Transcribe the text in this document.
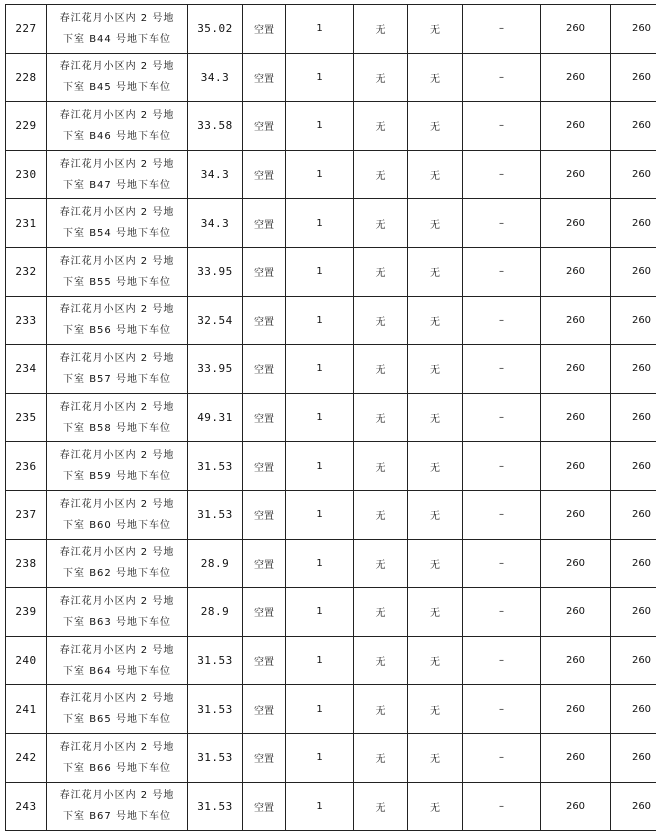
227	春江花月小区内 2 号地
下室 B44 号地下车位	35.02	空置	1	无	无	–	260	260
228	春江花月小区内 2 号地
下室 B45 号地下车位	34.3	空置	1	无	无	–	260	260
229	春江花月小区内 2 号地
下室 B46 号地下车位	33.58	空置	1	无	无	–	260	260
230	春江花月小区内 2 号地
下室 B47 号地下车位	34.3	空置	1	无	无	–	260	260
231	春江花月小区内 2 号地
下室 B54 号地下车位	34.3	空置	1	无	无	–	260	260
232	春江花月小区内 2 号地
下室 B55 号地下车位	33.95	空置	1	无	无	–	260	260
233	春江花月小区内 2 号地
下室 B56 号地下车位	32.54	空置	1	无	无	–	260	260
234	春江花月小区内 2 号地
下室 B57 号地下车位	33.95	空置	1	无	无	–	260	260
235	春江花月小区内 2 号地
下室 B58 号地下车位	49.31	空置	1	无	无	–	260	260
236	春江花月小区内 2 号地
下室 B59 号地下车位	31.53	空置	1	无	无	–	260	260
237	春江花月小区内 2 号地
下室 B60 号地下车位	31.53	空置	1	无	无	–	260	260
238	春江花月小区内 2 号地
下室 B62 号地下车位	28.9	空置	1	无	无	–	260	260
239	春江花月小区内 2 号地
下室 B63 号地下车位	28.9	空置	1	无	无	–	260	260
240	春江花月小区内 2 号地
下室 B64 号地下车位	31.53	空置	1	无	无	–	260	260
241	春江花月小区内 2 号地
下室 B65 号地下车位	31.53	空置	1	无	无	–	260	260
242	春江花月小区内 2 号地
下室 B66 号地下车位	31.53	空置	1	无	无	–	260	260
243	春江花月小区内 2 号地
下室 B67 号地下车位	31.53	空置	1	无	无	–	260	260
